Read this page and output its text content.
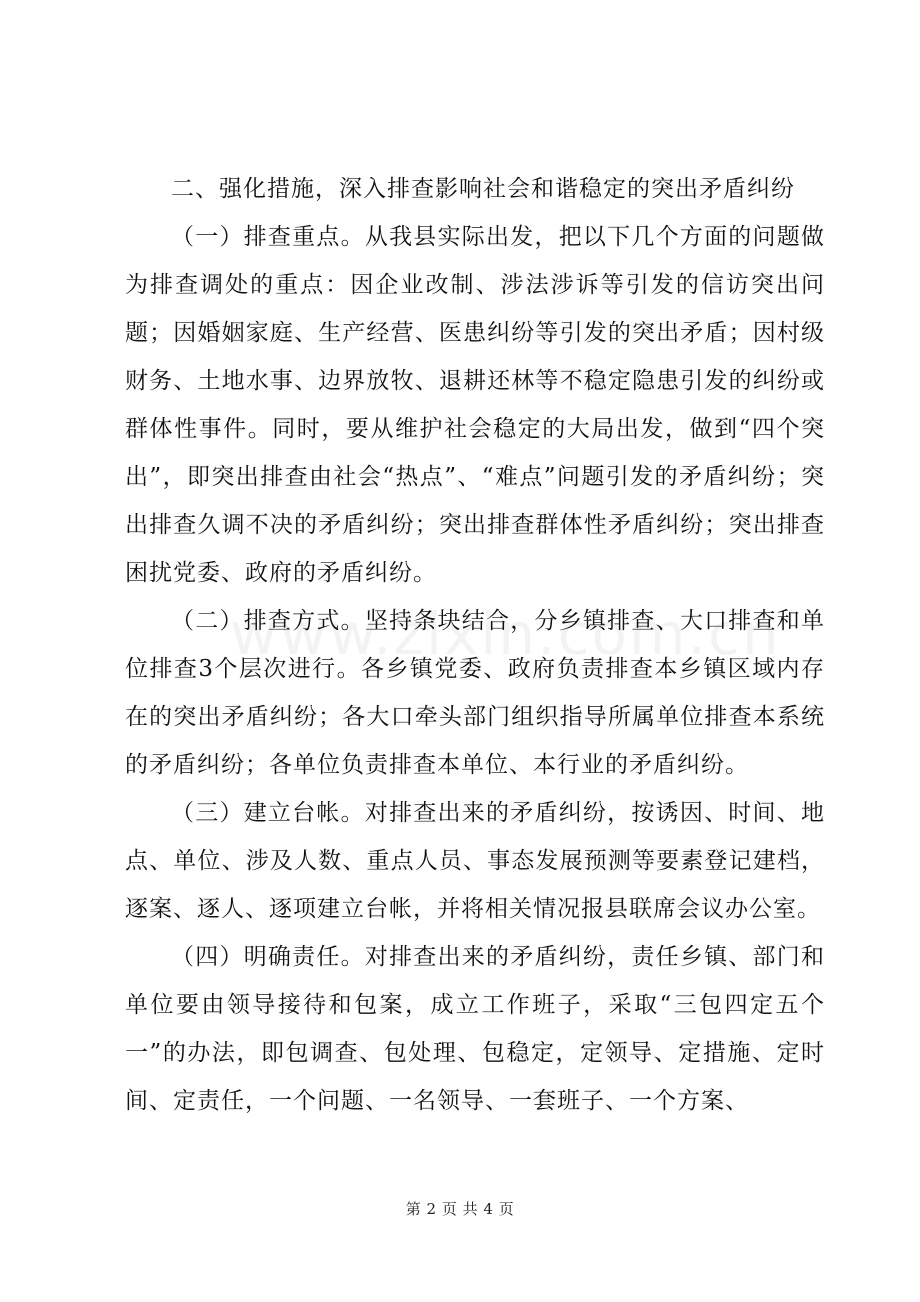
二、强化措施，深入排查影响社会和谐稳定的突出矛盾纠纷

（一）排查重点。从我县实际出发，把以下几个方面的问题做为排查调处的重点：因企业改制、涉法涉诉等引发的信访突出问题；因婚姻家庭、生产经营、医患纠纷等引发的突出矛盾；因村级财务、土地水事、边界放牧、退耕还林等不稳定隐患引发的纠纷或群体性事件。同时，要从维护社会稳定的大局出发，做到“四个突出”，即突出排查由社会“热点”、“难点”问题引发的矛盾纠纷；突出排查久调不决的矛盾纠纷；突出排查群体性矛盾纠纷；突出排查困扰党委、政府的矛盾纠纷。

（二）排查方式。坚持条块结合，分乡镇排查、大口排查和单位排查3个层次进行。各乡镇党委、政府负责排查本乡镇区域内存在的突出矛盾纠纷；各大口牵头部门组织指导所属单位排查本系统的矛盾纠纷；各单位负责排查本单位、本行业的矛盾纠纷。

（三）建立台帐。对排查出来的矛盾纠纷，按诱因、时间、地点、单位、涉及人数、重点人员、事态发展预测等要素登记建档，逐案、逐人、逐项建立台帐，并将相关情况报县联席会议办公室。

（四）明确责任。对排查出来的矛盾纠纷，责任乡镇、部门和单位要由领导接待和包案，成立工作班子，采取“三包四定五个一”的办法，即包调查、包处理、包稳定，定领导、定措施、定时间、定责任，一个问题、一名领导、一套班子、一个方案、

第 2 页 共 4 页
